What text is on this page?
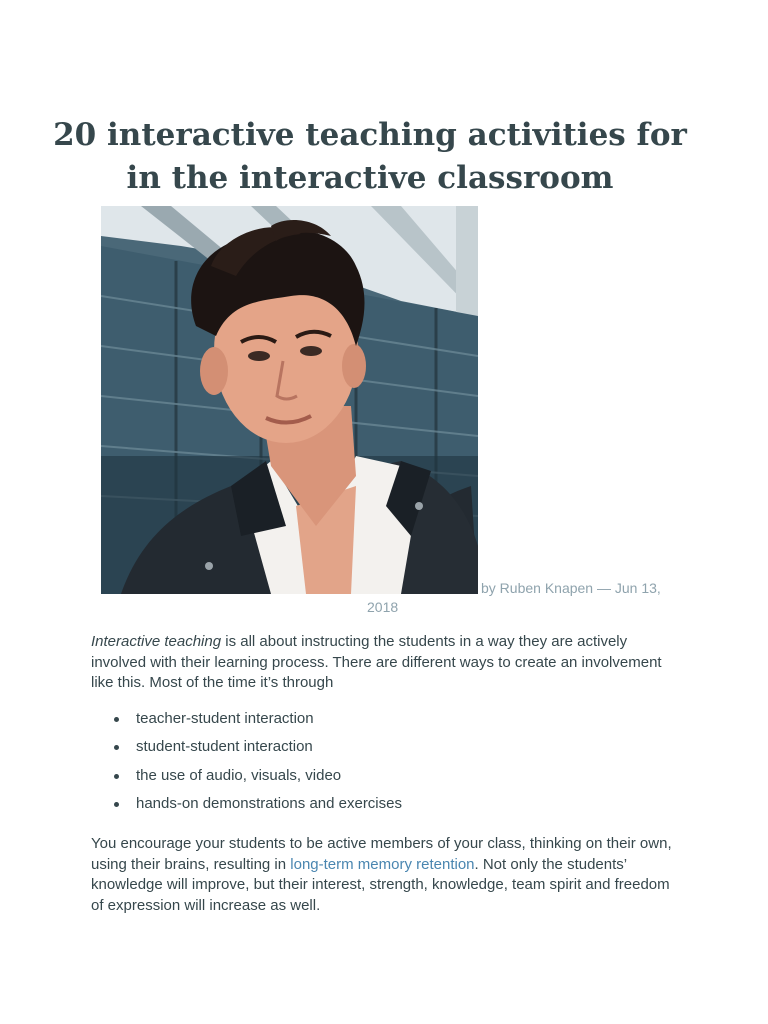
20 interactive teaching activities for in the interactive classroom
by Ruben Knapen — Jun 13,
2018

Interactive teaching is all about instructing the students in a way they are actively involved with their learning process. There are different ways to create an involvement like this. Most of the time it’s through

teacher-student interaction
student-student interaction
the use of audio, visuals, video
hands-on demonstrations and exercises

You encourage your students to be active members of your class, thinking on their own, using their brains, resulting in long-term memory retention. Not only the students’ knowledge will improve, but their interest, strength, knowledge, team spirit and freedom of expression will increase as well.
